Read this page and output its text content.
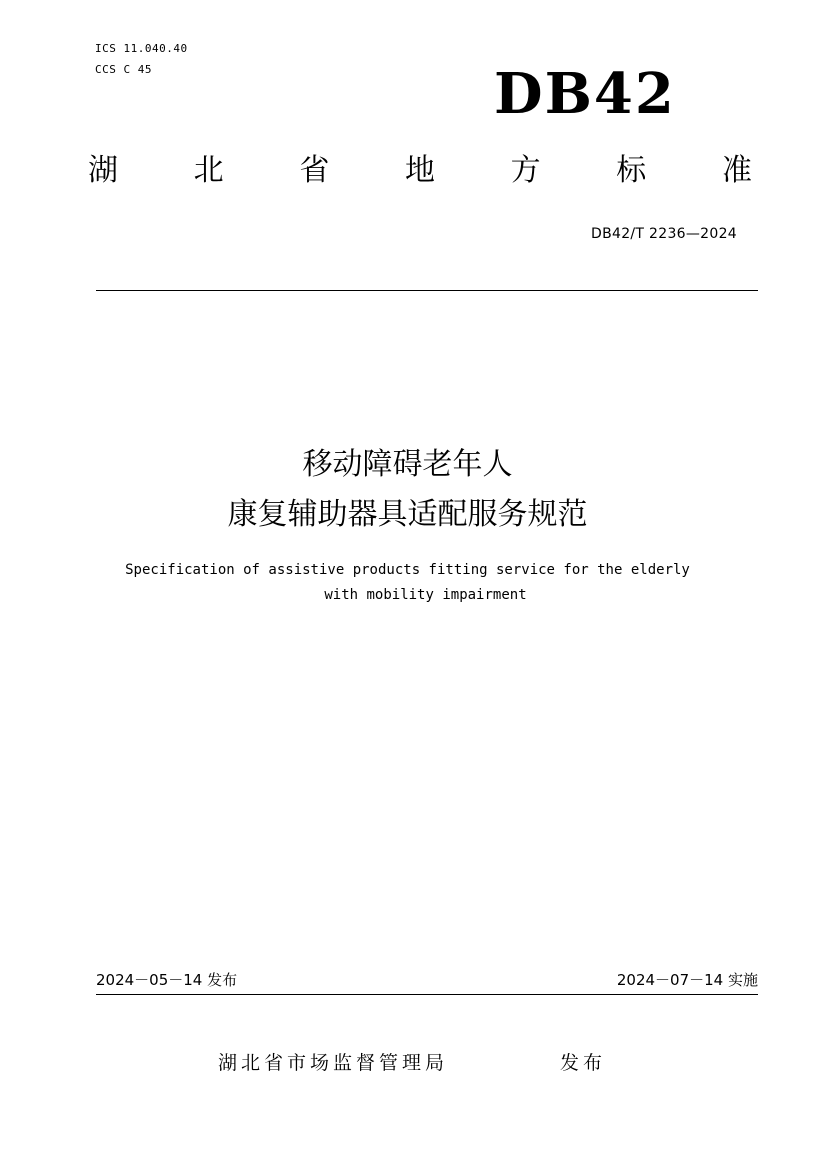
ICS 11.040.40
CCS C 45	DB42
湖	北	省	地	方	标	准
DB42/T 2236—2024
移动障碍老年人
康复辅助器具适配服务规范
Specification of assistive products fitting service for the elderly
with mobility impairment
2024－05－14 发布	2024－07－14 实施
湖北省市场监督管理局	发布
